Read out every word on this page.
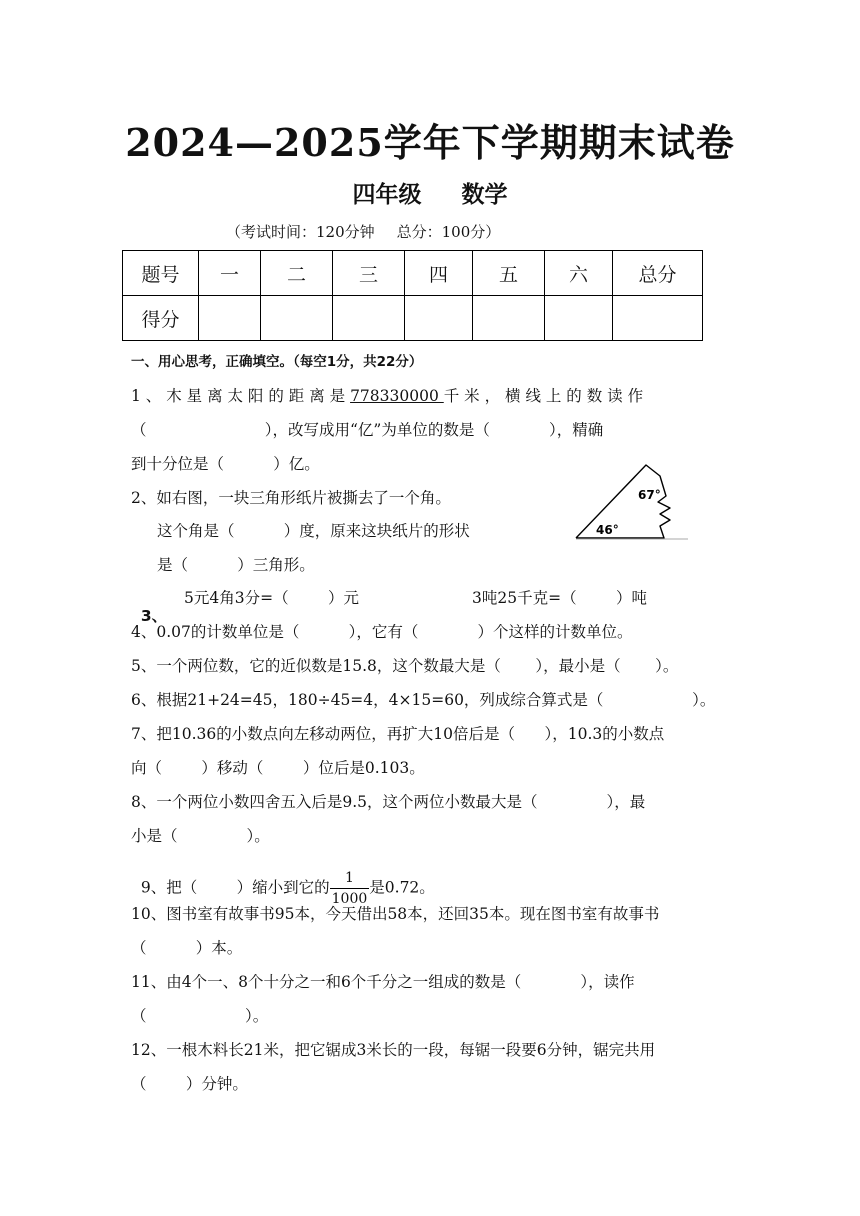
2024—2025学年下学期期末试卷
四年级 数学
（考试时间：120分钟 总分：100分）
题号	一	二	三	四	五	六	总分
得分							
一、用心思考，正确填空。（每空1分，共22分）
1 、 木 星 离 太 阳 的 距 离 是 778330000 千 米 ， 横 线 上 的 数 读 作
（                        ），改写成用“亿”为单位的数是（            ），精确
到十分位是（          ）亿。
2、如右图，一块三角形纸片被撕去了一个角。
这个角是（          ）度，原来这块纸片的形状
是（          ）三角形。
67°
46°

3、

5元4角3分=（        ）元	3吨25千克=（        ）吨
4、0.07的计数单位是（          ），它有（            ）个这样的计数单位。
5、一个两位数，它的近似数是15.8，这个数最大是（       ），最小是（       ）。
6、根据21+24=45，180÷45=4，4×15=60，列成综合算式是（                  ）。
7、把10.36的小数点向左移动两位，再扩大10倍后是（      ），10.3的小数点
向（        ）移动（        ）位后是0.103。
8、一个两位小数四舍五入后是9.5，这个两位小数最大是（              ），最
小是（              ）。

9、把（        ）缩小到它的 $\frac{1}{1000}$ 是0.72。

10、图书室有故事书95本，今天借出58本，还回35本。现在图书室有故事书
（          ）本。
11、由4个一、8个十分之一和6个千分之一组成的数是（            ），读作
（                    ）。
12、一根木料长21米，把它锯成3米长的一段，每锯一段要6分钟，锯完共用
（        ）分钟。
